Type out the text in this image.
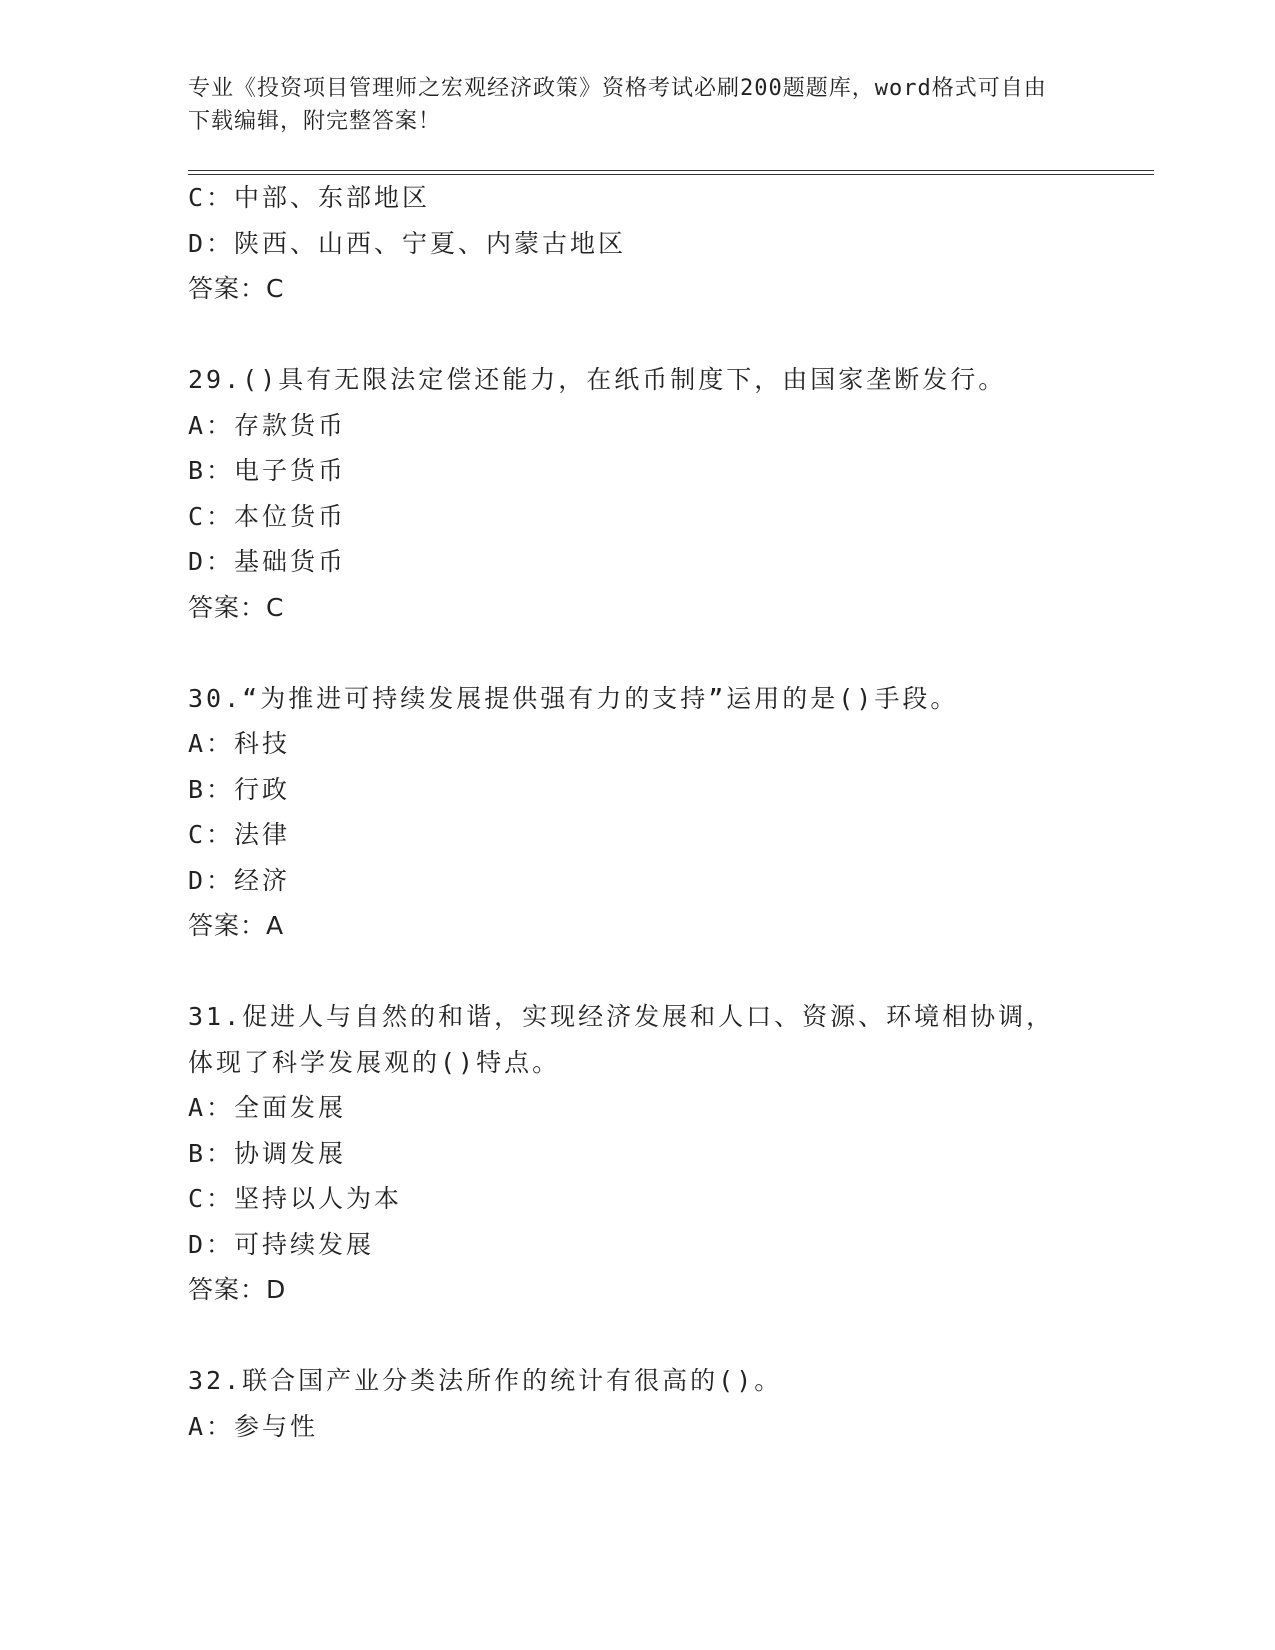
专业《投资项目管理师之宏观经济政策》资格考试必刷200题题库，word格式可自由下载编辑，附完整答案！

C：中部、东部地区

D：陕西、山西、宁夏、内蒙古地区

答案：C

29.()具有无限法定偿还能力，在纸币制度下，由国家垄断发行。

A：存款货币

B：电子货币

C：本位货币

D：基础货币

答案：C

30.“为推进可持续发展提供强有力的支持”运用的是()手段。

A：科技

B：行政

C：法律

D：经济

答案：A

31.促进人与自然的和谐，实现经济发展和人口、资源、环境相协调，体现了科学发展观的()特点。

A：全面发展

B：协调发展

C：坚持以人为本

D：可持续发展

答案：D

32.联合国产业分类法所作的统计有很高的()。

A：参与性
